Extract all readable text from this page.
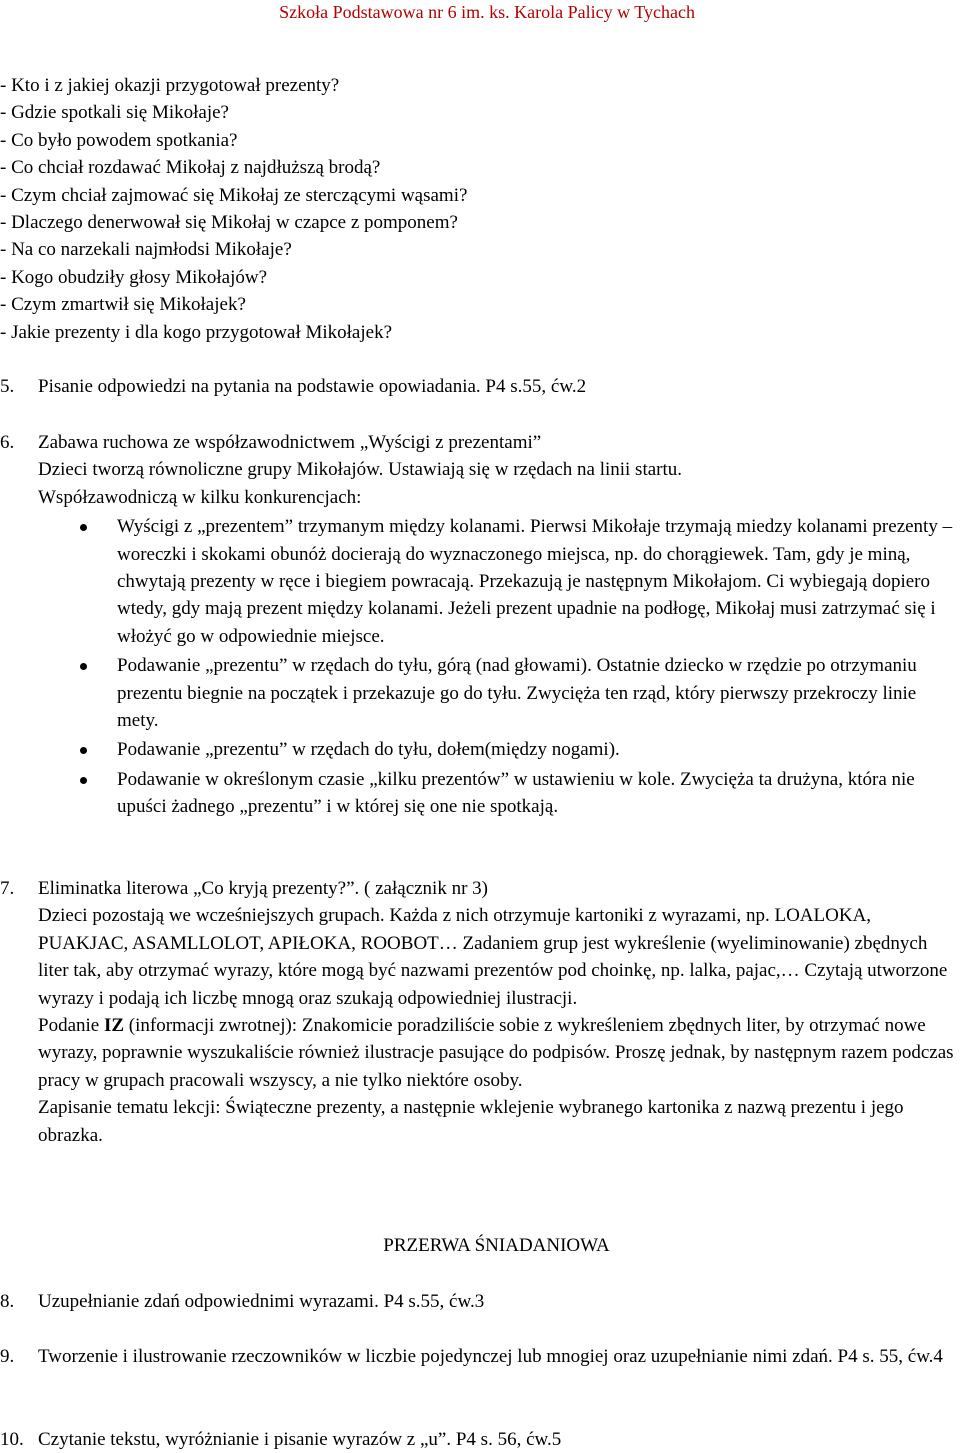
Szkoła Podstawowa nr 6 im. ks. Karola Palicy w Tychach
- Kto i z jakiej okazji przygotował prezenty?
- Gdzie spotkali się Mikołaje?
- Co było powodem spotkania?
- Co chciał rozdawać Mikołaj z najdłuższą brodą?
- Czym chciał zajmować się Mikołaj ze sterczącymi wąsami?
- Dlaczego denerwował się Mikołaj w czapce z pomponem?
- Na co narzekali najmłodsi Mikołaje?
- Kogo obudziły głosy Mikołajów?
- Czym zmartwił się Mikołajek?
- Jakie prezenty i dla kogo przygotował Mikołajek?
5. Pisanie odpowiedzi na pytania na podstawie opowiadania. P4 s.55, ćw.2
6. Zabawa ruchowa ze współzawodnictwem „Wyścigi z prezentami”
Dzieci tworzą równoliczne grupy Mikołajów. Ustawiają się w rzędach na linii startu.
Współzawodniczą w kilku konkurencjach:
Wyścigi z „prezentem” trzymanym między kolanami. Pierwsi Mikołaje trzymają miedzy kolanami prezenty – woreczki i skokami obunóż docierają do wyznaczonego miejsca, np. do chorągiewek. Tam, gdy je miną, chwytają prezenty w ręce i biegiem powracają. Przekazują je następnym Mikołajom. Ci wybiegają dopiero wtedy, gdy mają prezent między kolanami. Jeżeli prezent upadnie na podłogę, Mikołaj musi zatrzymać się i włożyć go w odpowiednie miejsce.
Podawanie „prezentu” w rzędach do tyłu, górą (nad głowami). Ostatnie dziecko w rzędzie po otrzymaniu prezentu biegnie na początek i przekazuje go do tyłu. Zwycięża ten rząd, który pierwszy przekroczy linie mety.
Podawanie „prezentu” w rzędach do tyłu, dołem(między nogami).
Podawanie w określonym czasie „kilku prezentów” w ustawieniu w kole. Zwycięża ta drużyna, która nie upuści żadnego „prezentu” i w której się one nie spotkają.
7. Eliminatka literowa „Co kryją prezenty?”. ( załącznik nr 3)
Dzieci pozostają we wcześniejszych grupach. Każda z nich otrzymuje kartoniki z wyrazami, np. LOALOKA, PUAKJAC, ASAMLLOLOT, APIŁOKA, ROOBOT… Zadaniem grup jest wykreślenie (wyeliminowanie) zbędnych liter tak, aby otrzymać wyrazy, które mogą być nazwami prezentów pod choinkę, np. lalka, pajac,… Czytają utworzone wyrazy i podają ich liczbę mnogą oraz szukają odpowiedniej ilustracji.
Podanie IZ (informacji zwrotnej): Znakomicie poradziliście sobie z wykreśleniem zbędnych liter, by otrzymać nowe wyrazy, poprawnie wyszukaliście również ilustracje pasujące do podpisów. Proszę jednak, by następnym razem podczas pracy w grupach pracowali wszyscy, a nie tylko niektóre osoby.
Zapisanie tematu lekcji: Świąteczne prezenty, a następnie wklejenie wybranego kartonika z nazwą prezentu i jego obrazka.
PRZERWA ŚNIADANIOWA
8. Uzupełnianie zdań odpowiednimi wyrazami. P4 s.55, ćw.3
9. Tworzenie i ilustrowanie rzeczowników w liczbie pojedynczej lub mnogiej oraz uzupełnianie nimi zdań. P4 s. 55, ćw.4
10. Czytanie tekstu, wyróżnianie i pisanie wyrazów z „u”. P4 s. 56, ćw.5
